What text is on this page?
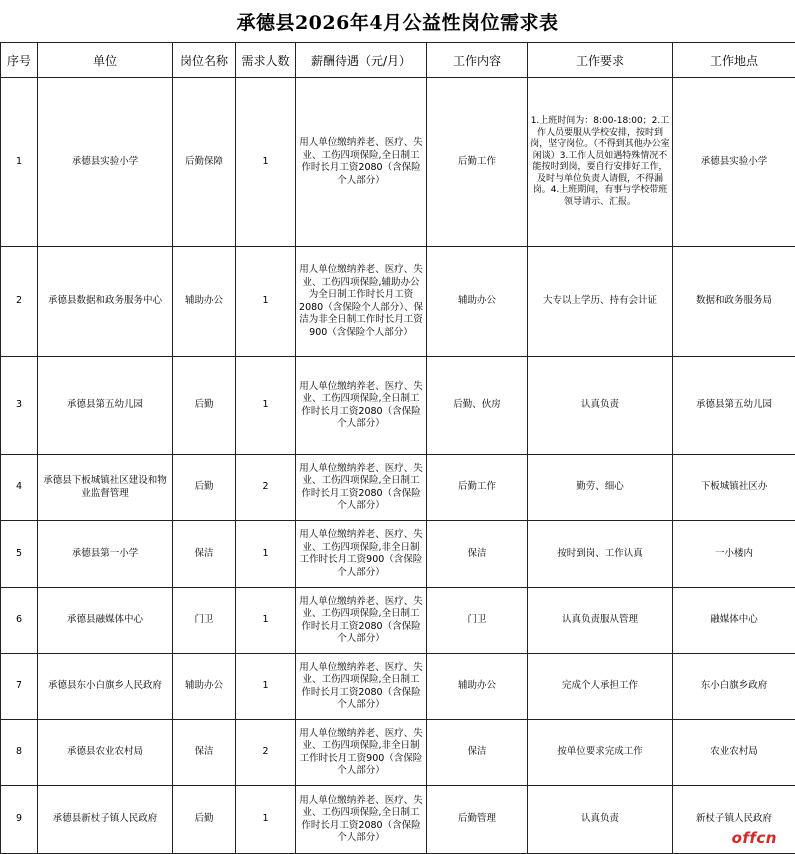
承德县2026年4月公益性岗位需求表
序号	单位	岗位名称	需求人数	薪酬待遇（元/月）	工作内容	工作要求	工作地点
1	承德县实验小学	后勤保障	1	用人单位缴纳养老、医疗、失业、工伤四项保险,全日制工作时长月工资2080（含保险个人部分）	后勤工作	1.上班时间为：8:00-18:00；2.工作人员要服从学校安排，按时到岗，坚守岗位。（不得到其他办公室闲谈）3.工作人员如遇特殊情况不能按时到岗，要自行安排好工作，及时与单位负责人请假，不得漏岗。4.上班期间，有事与学校带班领导请示、汇报。	承德县实验小学
2	承德县数据和政务服务中心	辅助办公	1	用人单位缴纳养老、医疗、失业、工伤四项保险,辅助办公为全日制工作时长月工资2080（含保险个人部分）、保洁为非全日制工作时长月工资900（含保险个人部分）	辅助办公	大专以上学历、持有会计证	数据和政务服务局
3	承德县第五幼儿园	后勤	1	用人单位缴纳养老、医疗、失业、工伤四项保险,全日制工作时长月工资2080（含保险个人部分）	后勤、伙房	认真负责	承德县第五幼儿园
4	承德县下板城镇社区建设和物业监督管理	后勤	2	用人单位缴纳养老、医疗、失业、工伤四项保险,全日制工作时长月工资2080（含保险个人部分）	后勤工作	勤劳、细心	下板城镇社区办
5	承德县第一小学	保洁	1	用人单位缴纳养老、医疗、失业、工伤四项保险,非全日制工作时长月工资900（含保险个人部分）	保洁	按时到岗、工作认真	一小楼内
6	承德县融媒体中心	门卫	1	用人单位缴纳养老、医疗、失业、工伤四项保险,全日制工作时长月工资2080（含保险个人部分）	门卫	认真负责服从管理	融媒体中心
7	承德县东小白旗乡人民政府	辅助办公	1	用人单位缴纳养老、医疗、失业、工伤四项保险,全日制工作时长月工资2080（含保险个人部分）	辅助办公	完成个人承担工作	东小白旗乡政府
8	承德县农业农村局	保洁	2	用人单位缴纳养老、医疗、失业、工伤四项保险,非全日制工作时长月工资900（含保险个人部分）	保洁	按单位要求完成工作	农业农村局
9	承德县新杖子镇人民政府	后勤	1	用人单位缴纳养老、医疗、失业、工伤四项保险,全日制工作时长月工资2080（含保险个人部分）	后勤管理	认真负责	新杖子镇人民政府
offcn
